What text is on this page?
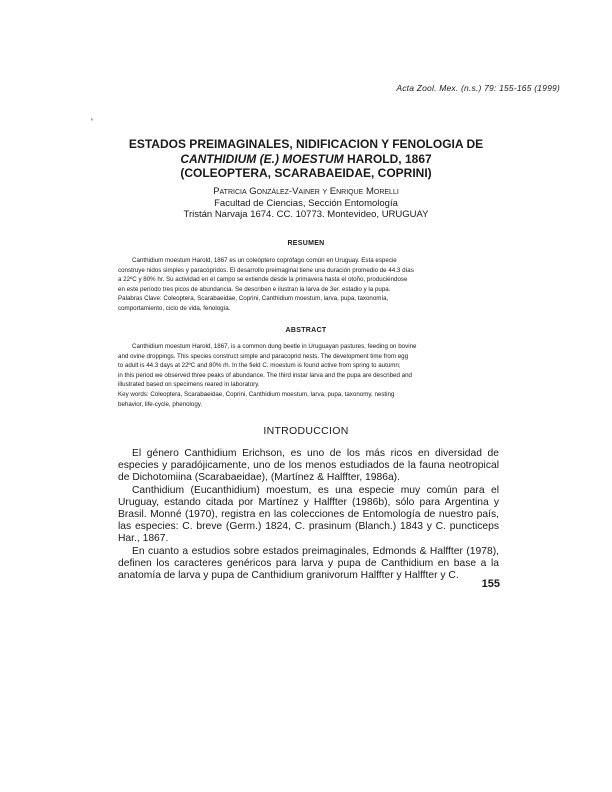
Acta Zool. Mex. (n.s.) 79: 155-165 (1999)
'
ESTADOS PREIMAGINALES, NIDIFICACION Y FENOLOGIA DE
CANTHIDIUM (E.) MOESTUM HAROLD, 1867
(COLEOPTERA, SCARABAEIDAE, COPRINI)
Patricia González-Vainer y Enrique Morelli
Facultad de Ciencias, Sección Entomología
Tristán Narvaja 1674. CC. 10773. Montevideo, URUGUAY
RESUMEN

Canthidium moestum Harold, 1867 es un coleóptero coprófago común en Uruguay. Esta especie

construye nidos simples y paracópridos. El desarrollo preimaginal tiene una duración promedio de 44.3 días

a 22ºC y 80% hr. Su actividad en el campo se extiende desde la primavera hasta el otoño, produciéndose

en este período tres picos de abundancia. Se describen e ilustran la larva de 3er. estadio y la pupa.

Palabras Clave: Coleoptera, Scarabaeidae, Coprini, Canthidium moestum, larva, pupa, taxonomía,

comportamiento, ciclo de vida, fenología.

ABSTRACT

Canthidium moestum Harold, 1867, is a common dung beetle in Uruguayan pastures, feeding on bovine

and ovine droppings. This species construct simple and paracoprid nests. The development time from egg

to adult is 44.3 days at 22ºC and 80% rh. In the field C. moestum is found active from spring to autumn;

in this period we observed three peaks of abundance. The third instar larva and the pupa are described and

illustrated based on specimens reared in laboratory.

Key words: Coleoptera, Scarabaeidae, Coprini, Canthidium moestum, larva, pupa, taxonomy, nesting

behavior, life-cycle, phenology.

INTRODUCCION

El género Canthidium Erichson, es uno de los más ricos en diversidad de especies y paradójicamente, uno de los menos estudiados de la fauna neotropical de Dichotomiina (Scarabaeidae), (Martínez & Halffter, 1986a).

Canthidium (Eucanthidium) moestum, es una especie muy común para el Uruguay, estando citada por Martínez y Halffter (1986b), sólo para Argentina y Brasil. Monné (1970), registra en las colecciones de Entomología de nuestro país, las especies: C. breve (Germ.) 1824, C. prasinum (Blanch.) 1843 y C. puncticeps Har., 1867.

En cuanto a estudios sobre estados preimaginales, Edmonds & Halffter (1978), definen los caracteres genéricos para larva y pupa de Canthidium en base a la anatomía de larva y pupa de Canthidium granivorum Halffter y Halffter y C.

155
